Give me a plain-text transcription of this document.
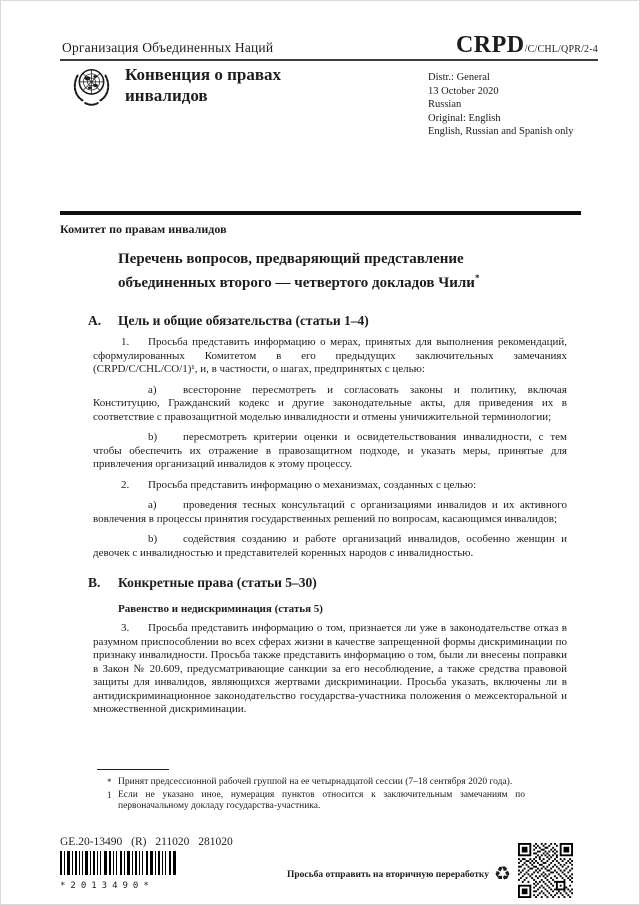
Организация Объединенных Наций	CRPD /C/CHL/QPR/2-4
Конвенция о правах инвалидов
Distr.: General
13 October 2020
Russian
Original: English
English, Russian and Spanish only

Комитет по правам инвалидов

Перечень вопросов, предваряющий представление объединенных второго — четвертого докладов Чили*
A.	Цель и общие обязательства (статьи 1–4)

1. Просьба представить информацию о мерах, принятых для выполнения рекомендаций, сформулированных Комитетом в его предыдущих заключительных замечаниях (CRPD/C/CHL/CO/1)¹, и, в частности, о шагах, предпринятых с целью:

a) всесторонне пересмотреть и согласовать законы и политику, включая Конституцию, Гражданский кодекс и другие законодательные акты, для приведения их в соответствие с правозащитной моделью инвалидности и отмены уничижительной терминологии;

b) пересмотреть критерии оценки и освидетельствования инвалидности, с тем чтобы обеспечить их отражение в правозащитном подходе, и указать меры, принятые для привлечения организаций инвалидов к этому процессу.

2. Просьба представить информацию о механизмах, созданных с целью:

a) проведения тесных консультаций с организациями инвалидов и их активного вовлечения в процессы принятия государственных решений по вопросам, касающимся инвалидов;

b) содействия созданию и работе организаций инвалидов, особенно женщин и девочек с инвалидностью и представителей коренных народов с инвалидностью.

B.	Конкретные права (статьи 5–30)
Равенство и недискриминация (статья 5)

3. Просьба представить информацию о том, признается ли уже в законодательстве отказ в разумном приспособлении во всех сферах жизни в качестве запрещенной формы дискриминации по признаку инвалидности. Просьба также представить информацию о том, были ли внесены поправки в Закон № 20.609, предусматривающие санкции за его несоблюдение, а также средства правовой защиты для инвалидов, являющихся жертвами дискриминации. Просьба указать, включены ли в антидискриминационное законодательство государства-участника положения о межсекторальной и множественной дискриминации.

* Принят предсессионной рабочей группой на ее четырнадцатой сессии (7–18 сентября 2020 года).
1 Если не указано иное, нумерация пунктов относится к заключительным замечаниям по первоначальному докладу государства-участника.
GE.20-13490 (R) 211020 281020
*2013490*
Просьба отправить на вторичную переработку ♻
